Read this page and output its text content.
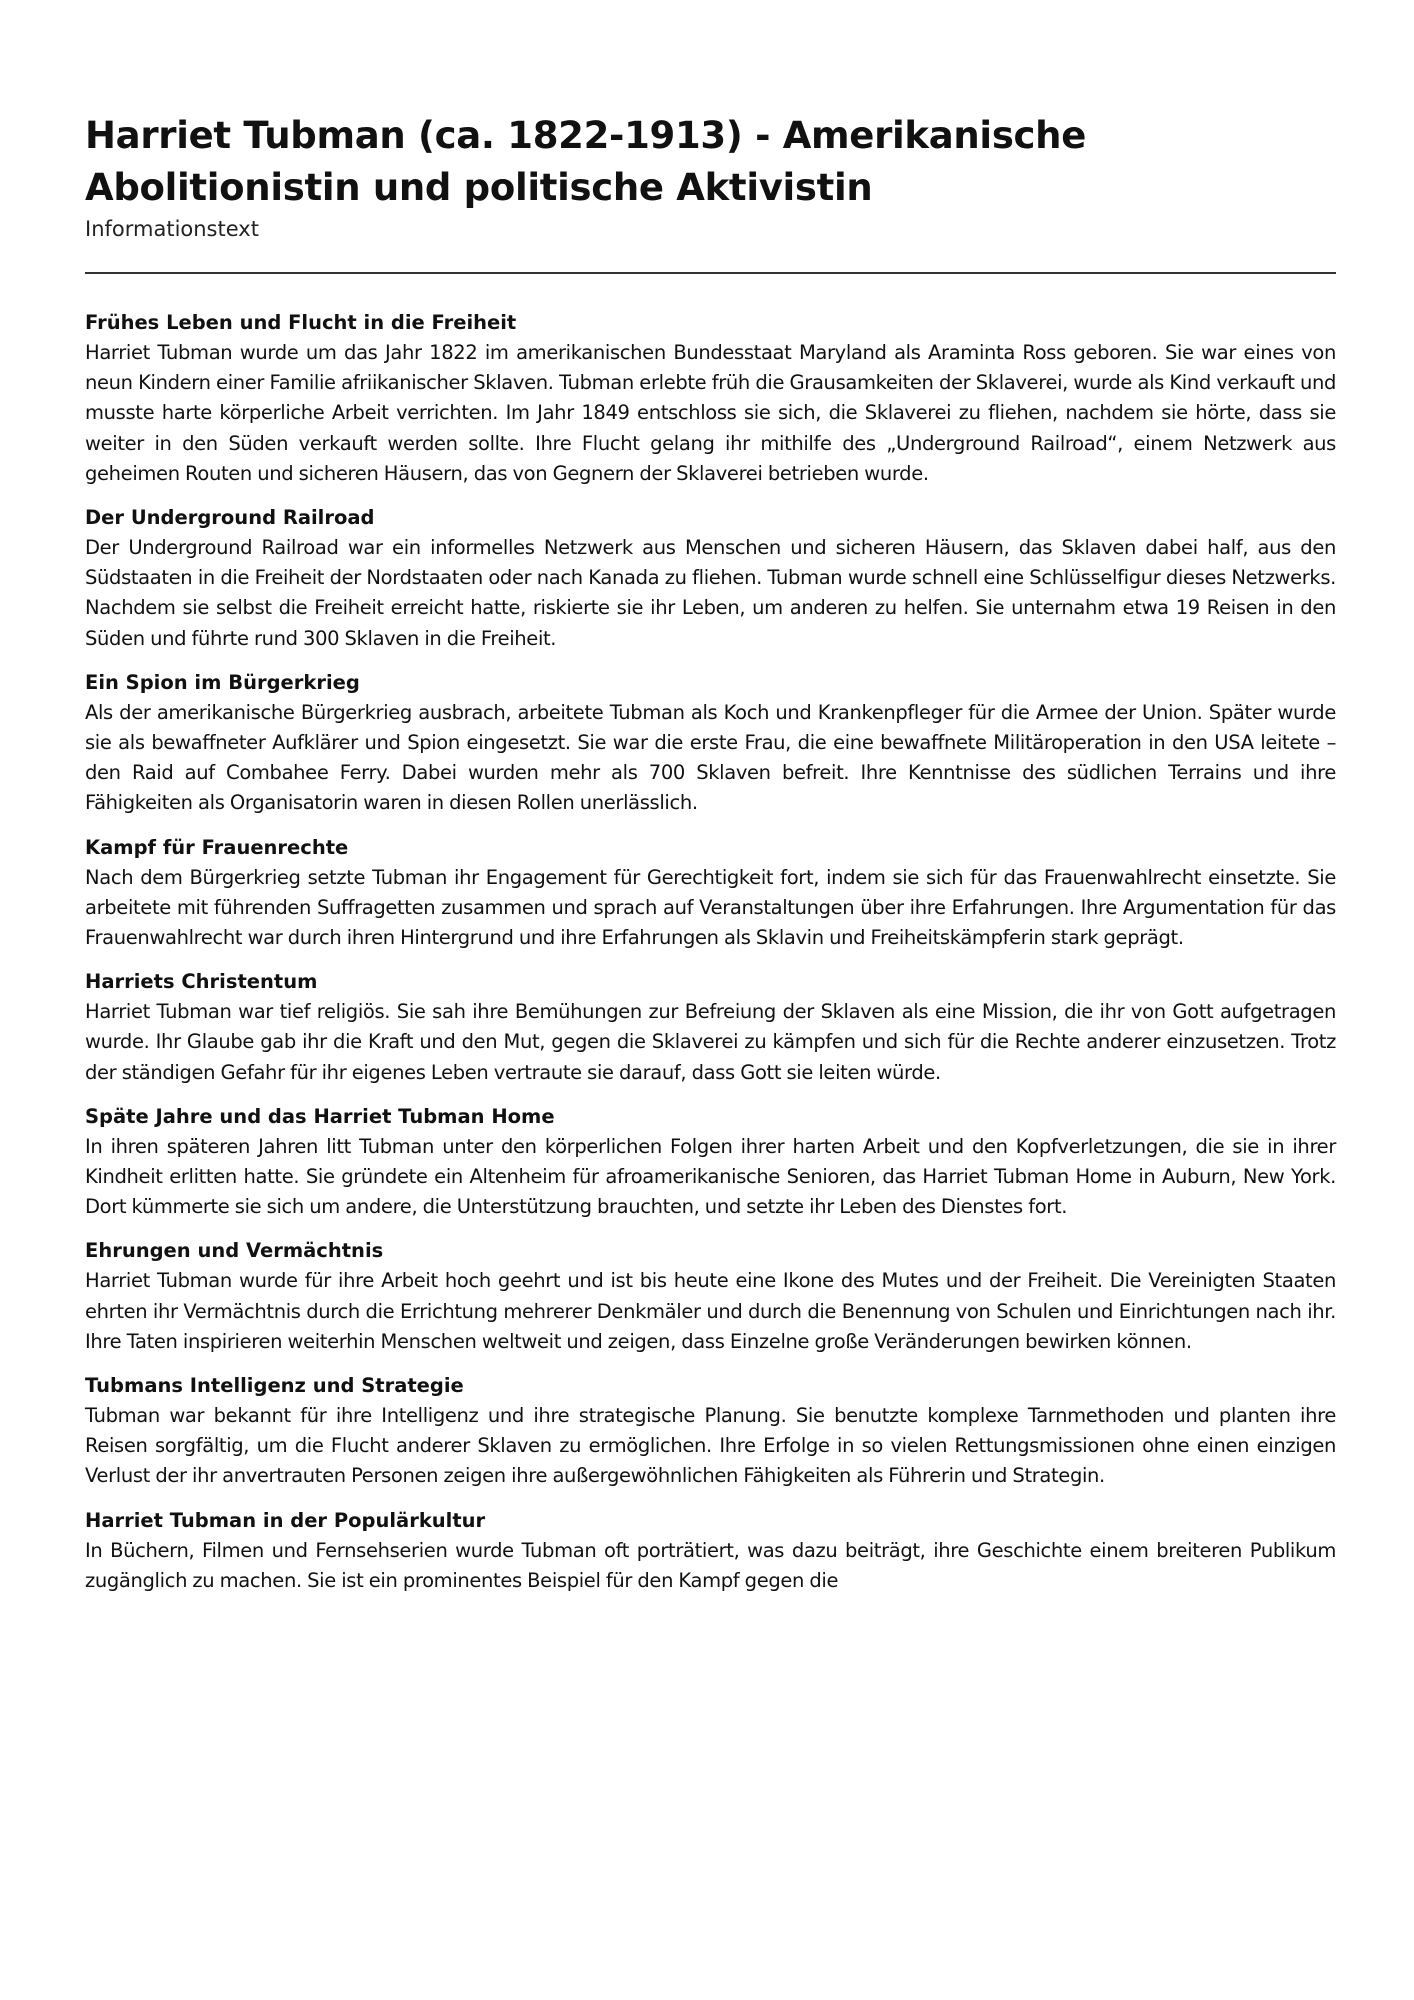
Harriet Tubman (ca. 1822-1913) - Amerikanische Abolitionistin und politische Aktivistin

Informationstext

Frühes Leben und Flucht in die Freiheit

Harriet Tubman wurde um das Jahr 1822 im amerikanischen Bundesstaat Maryland als Araminta Ross geboren. Sie war eines von neun Kindern einer Familie afriikanischer Sklaven. Tubman erlebte früh die Grausamkeiten der Sklaverei, wurde als Kind verkauft und musste harte körperliche Arbeit verrichten. Im Jahr 1849 entschloss sie sich, die Sklaverei zu fliehen, nachdem sie hörte, dass sie weiter in den Süden verkauft werden sollte. Ihre Flucht gelang ihr mithilfe des „Underground Railroad“, einem Netzwerk aus geheimen Routen und sicheren Häusern, das von Gegnern der Sklaverei betrieben wurde.

Der Underground Railroad

Der Underground Railroad war ein informelles Netzwerk aus Menschen und sicheren Häusern, das Sklaven dabei half, aus den Südstaaten in die Freiheit der Nordstaaten oder nach Kanada zu fliehen. Tubman wurde schnell eine Schlüsselfigur dieses Netzwerks. Nachdem sie selbst die Freiheit erreicht hatte, riskierte sie ihr Leben, um anderen zu helfen. Sie unternahm etwa 19 Reisen in den Süden und führte rund 300 Sklaven in die Freiheit.

Ein Spion im Bürgerkrieg

Als der amerikanische Bürgerkrieg ausbrach, arbeitete Tubman als Koch und Krankenpfleger für die Armee der Union. Später wurde sie als bewaffneter Aufklärer und Spion eingesetzt. Sie war die erste Frau, die eine bewaffnete Militäroperation in den USA leitete – den Raid auf Combahee Ferry. Dabei wurden mehr als 700 Sklaven befreit. Ihre Kenntnisse des südlichen Terrains und ihre Fähigkeiten als Organisatorin waren in diesen Rollen unerlässlich.

Kampf für Frauenrechte

Nach dem Bürgerkrieg setzte Tubman ihr Engagement für Gerechtigkeit fort, indem sie sich für das Frauenwahlrecht einsetzte. Sie arbeitete mit führenden Suffragetten zusammen und sprach auf Veranstaltungen über ihre Erfahrungen. Ihre Argumentation für das Frauenwahlrecht war durch ihren Hintergrund und ihre Erfahrungen als Sklavin und Freiheitskämpferin stark geprägt.

Harriets Christentum

Harriet Tubman war tief religiös. Sie sah ihre Bemühungen zur Befreiung der Sklaven als eine Mission, die ihr von Gott aufgetragen wurde. Ihr Glaube gab ihr die Kraft und den Mut, gegen die Sklaverei zu kämpfen und sich für die Rechte anderer einzusetzen. Trotz der ständigen Gefahr für ihr eigenes Leben vertraute sie darauf, dass Gott sie leiten würde.

Späte Jahre und das Harriet Tubman Home

In ihren späteren Jahren litt Tubman unter den körperlichen Folgen ihrer harten Arbeit und den Kopfverletzungen, die sie in ihrer Kindheit erlitten hatte. Sie gründete ein Altenheim für afroamerikanische Senioren, das Harriet Tubman Home in Auburn, New York. Dort kümmerte sie sich um andere, die Unterstützung brauchten, und setzte ihr Leben des Dienstes fort.

Ehrungen und Vermächtnis

Harriet Tubman wurde für ihre Arbeit hoch geehrt und ist bis heute eine Ikone des Mutes und der Freiheit. Die Vereinigten Staaten ehrten ihr Vermächtnis durch die Errichtung mehrerer Denkmäler und durch die Benennung von Schulen und Einrichtungen nach ihr. Ihre Taten inspirieren weiterhin Menschen weltweit und zeigen, dass Einzelne große Veränderungen bewirken können.

Tubmans Intelligenz und Strategie

Tubman war bekannt für ihre Intelligenz und ihre strategische Planung. Sie benutzte komplexe Tarnmethoden und planten ihre Reisen sorgfältig, um die Flucht anderer Sklaven zu ermöglichen. Ihre Erfolge in so vielen Rettungsmissionen ohne einen einzigen Verlust der ihr anvertrauten Personen zeigen ihre außergewöhnlichen Fähigkeiten als Führerin und Strategin.

Harriet Tubman in der Populärkultur

In Büchern, Filmen und Fernsehserien wurde Tubman oft porträtiert, was dazu beiträgt, ihre Geschichte einem breiteren Publikum zugänglich zu machen. Sie ist ein prominentes Beispiel für den Kampf gegen die
